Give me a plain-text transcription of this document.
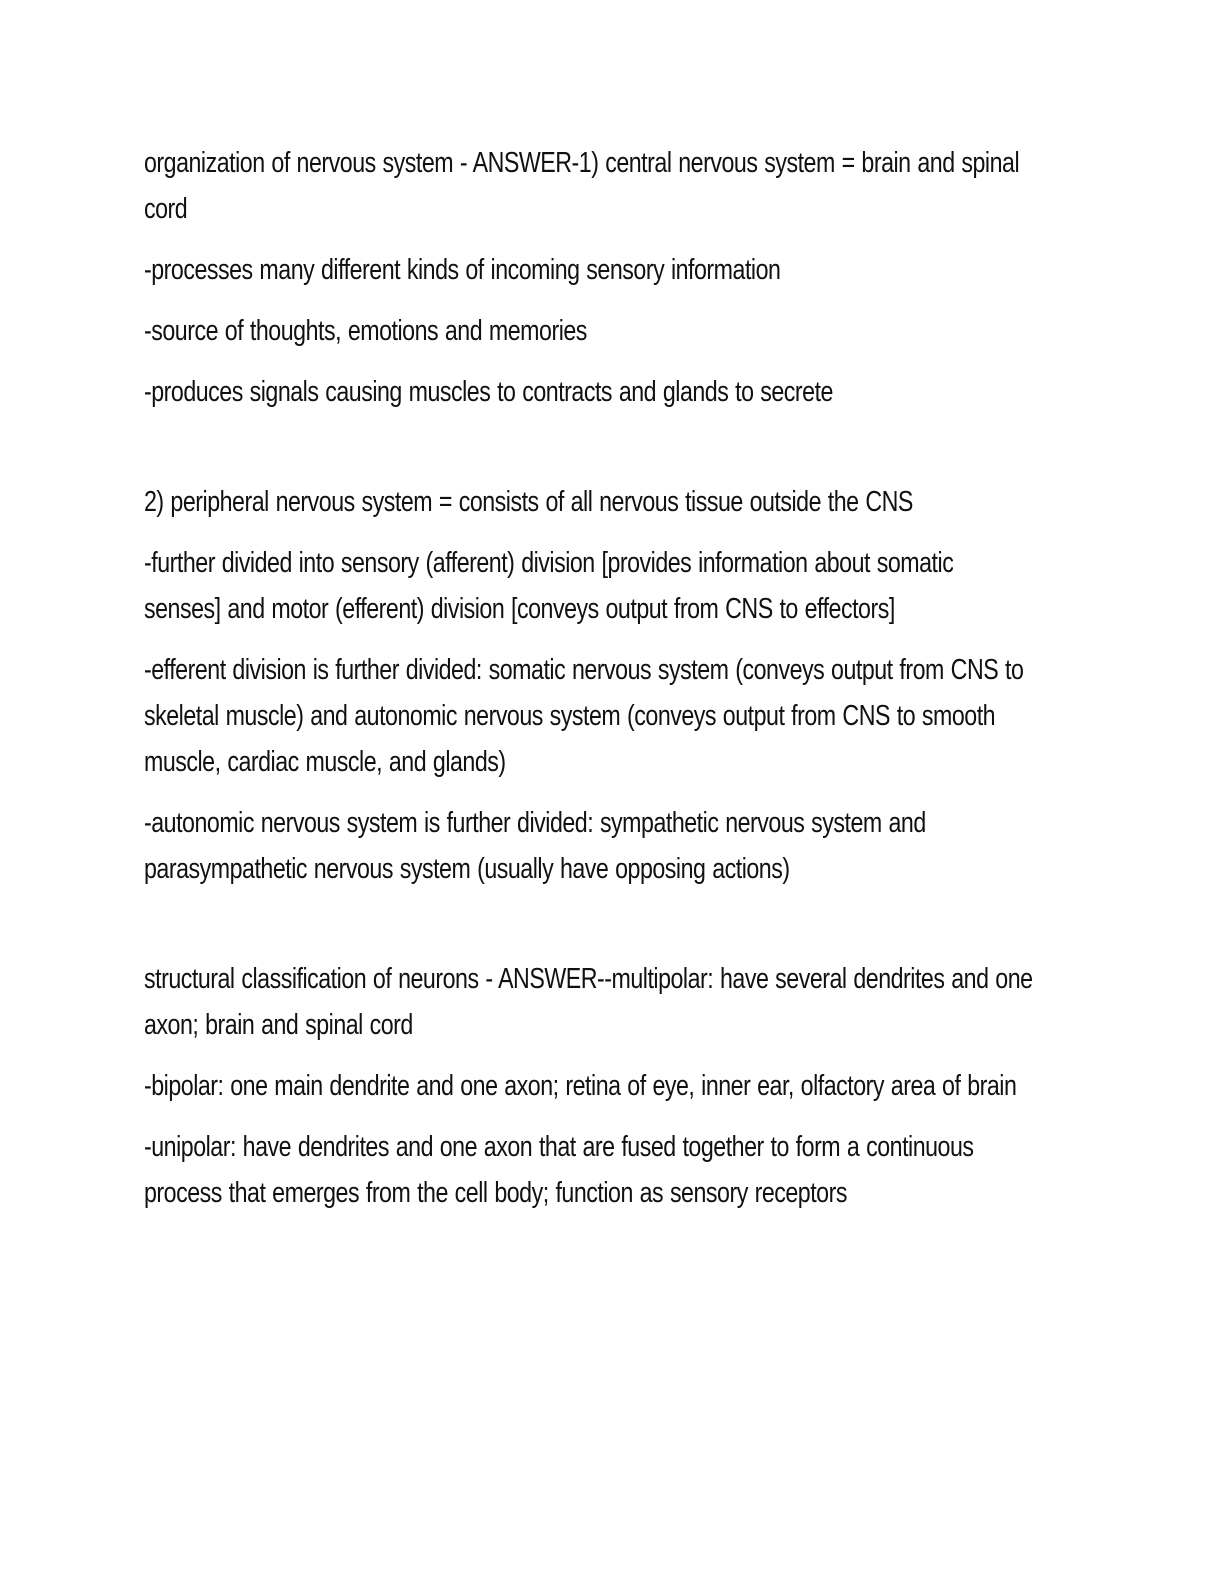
organization of nervous system - ANSWER-1) central nervous system = brain and spinal cord

-processes many different kinds of incoming sensory information

-source of thoughts, emotions and memories

-produces signals causing muscles to contracts and glands to secrete

2) peripheral nervous system = consists of all nervous tissue outside the CNS

-further divided into sensory (afferent) division [provides information about somatic senses] and motor (efferent) division [conveys output from CNS to effectors]

-efferent division is further divided: somatic nervous system (conveys output from CNS to skeletal muscle) and autonomic nervous system (conveys output from CNS to smooth muscle, cardiac muscle, and glands)

-autonomic nervous system is further divided: sympathetic nervous system and parasympathetic nervous system (usually have opposing actions)

structural classification of neurons - ANSWER--multipolar: have several dendrites and one axon; brain and spinal cord

-bipolar: one main dendrite and one axon; retina of eye, inner ear, olfactory area of brain

-unipolar: have dendrites and one axon that are fused together to form a continuous process that emerges from the cell body; function as sensory receptors
